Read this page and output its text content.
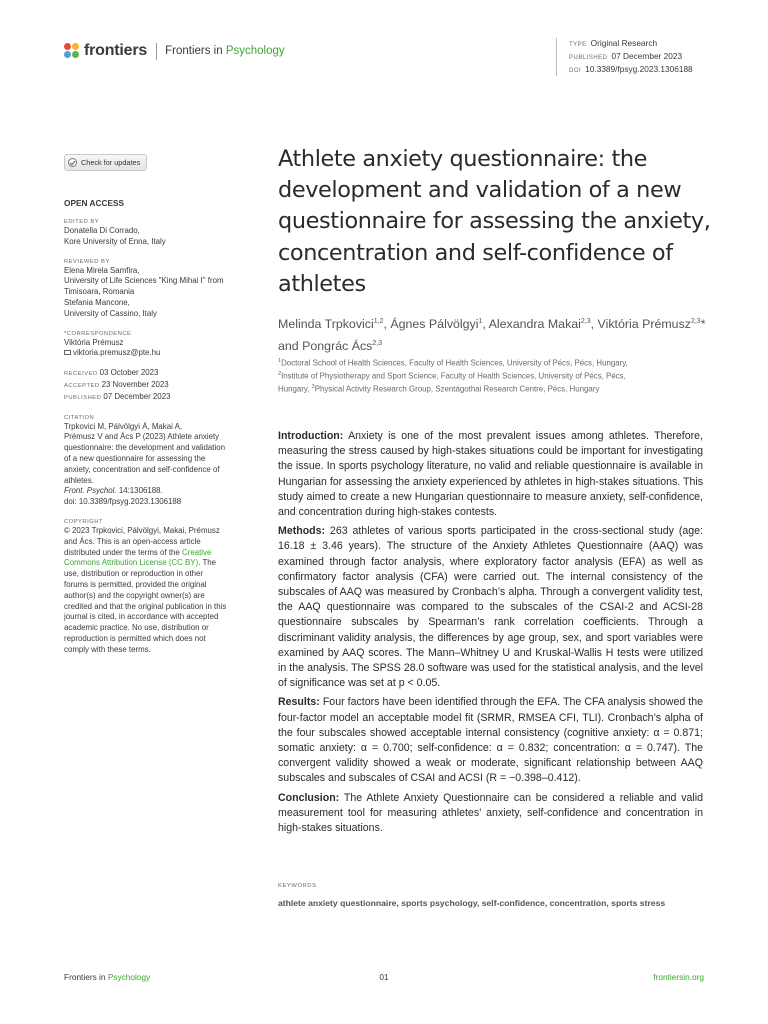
frontiers Frontiers in Psychology	TYPE Original Research
PUBLISHED 07 December 2023
DOI 10.3389/fpsyg.2023.1306188
Check for updates
OPEN ACCESS
EDITED BY
Donatella Di Corrado,
Kore University of Enna, Italy
REVIEWED BY
Elena Mirela Samfira,
University of Life Sciences "King Mihai I" from
Timisoara, Romania
Stefania Mancone,
University of Cassino, Italy
*CORRESPONDENCE
Viktória Prémusz
viktoria.premusz@pte.hu
RECEIVED 03 October 2023
ACCEPTED 23 November 2023
PUBLISHED 07 December 2023
CITATION
Trpkovici M, Pálvölgyi Á, Makai A,
Prémusz V and Ács P (2023) Athlete anxiety
questionnaire: the development and validation
of a new questionnaire for assessing the
anxiety, concentration and self-confidence of
athletes.
Front. Psychol. 14:1306188.
doi: 10.3389/fpsyg.2023.1306188
COPYRIGHT
© 2023 Trpkovici, Pálvölgyi, Makai, Prémusz
and Ács. This is an open-access article
distributed under the terms of the Creative
Commons Attribution License (CC BY). The
use, distribution or reproduction in other
forums is permitted, provided the original
author(s) and the copyright owner(s) are
credited and that the original publication in this
journal is cited, in accordance with accepted
academic practice. No use, distribution or
reproduction is permitted which does not
comply with these terms.
Athlete anxiety questionnaire: the development and validation of a new questionnaire for assessing the anxiety, concentration and self-confidence of athletes
Melinda Trpkovici$^{1,2}$, Ágnes Pálvölgyi$^1$, Alexandra Makai$^{2,3}$, Viktória Prémusz$^{2,3}$* and Pongrác Ács$^{2,3}$
$^1$Doctoral School of Health Sciences, Faculty of Health Sciences, University of Pécs, Pécs, Hungary,
$^2$Institute of Physiotherapy and Sport Science, Faculty of Health Sciences, University of Pécs, Pécs,
Hungary, $^3$Physical Activity Research Group, Szentágothai Research Centre, Pécs, Hungary

Introduction: Anxiety is one of the most prevalent issues among athletes. Therefore, measuring the stress caused by high-stakes situations could be important for investigating the issue. In sports psychology literature, no valid and reliable questionnaire is available in Hungarian for assessing the anxiety experienced by athletes in high-stakes situations. This study aimed to create a new Hungarian questionnaire to measure anxiety, self-confidence, and concentration during high-stakes contests.

Methods: 263 athletes of various sports participated in the cross-sectional study (age: 16.18 ± 3.46 years). The structure of the Anxiety Athletes Questionnaire (AAQ) was examined through factor analysis, where exploratory factor analysis (EFA) as well as confirmatory factor analysis (CFA) were carried out. The internal consistency of the subscales of AAQ was measured by Cronbach’s alpha. Through a convergent validity test, the AAQ questionnaire was compared to the subscales of the CSAI-2 and ACSI-28 questionnaire subscales by Spearman’s rank correlation coefficients. Through a discriminant validity analysis, the differences by age group, sex, and sport variables were examined by AAQ scores. The Mann–Whitney U and Kruskal-Wallis H tests were utilized in the analysis. The SPSS 28.0 software was used for the statistical analysis, and the level of significance was set at p < 0.05.

Results: Four factors have been identified through the EFA. The CFA analysis showed the four-factor model an acceptable model fit (SRMR, RMSEA CFI, TLI). Cronbach’s alpha of the four subscales showed acceptable internal consistency (cognitive anxiety: α = 0.871; somatic anxiety: α = 0.700; self-confidence: α = 0.832; concentration: α = 0.747). The convergent validity showed a weak or moderate, significant relationship between AAQ subscales and subscales of CSAI and ACSI (R = −0.398–0.412).

Conclusion: The Athlete Anxiety Questionnaire can be considered a reliable and valid measurement tool for measuring athletes’ anxiety, self-confidence and concentration in high-stakes situations.

KEYWORDS
athlete anxiety questionnaire, sports psychology, self-confidence, concentration, sports stress
Frontiers in Psychology	01	frontiersin.org
